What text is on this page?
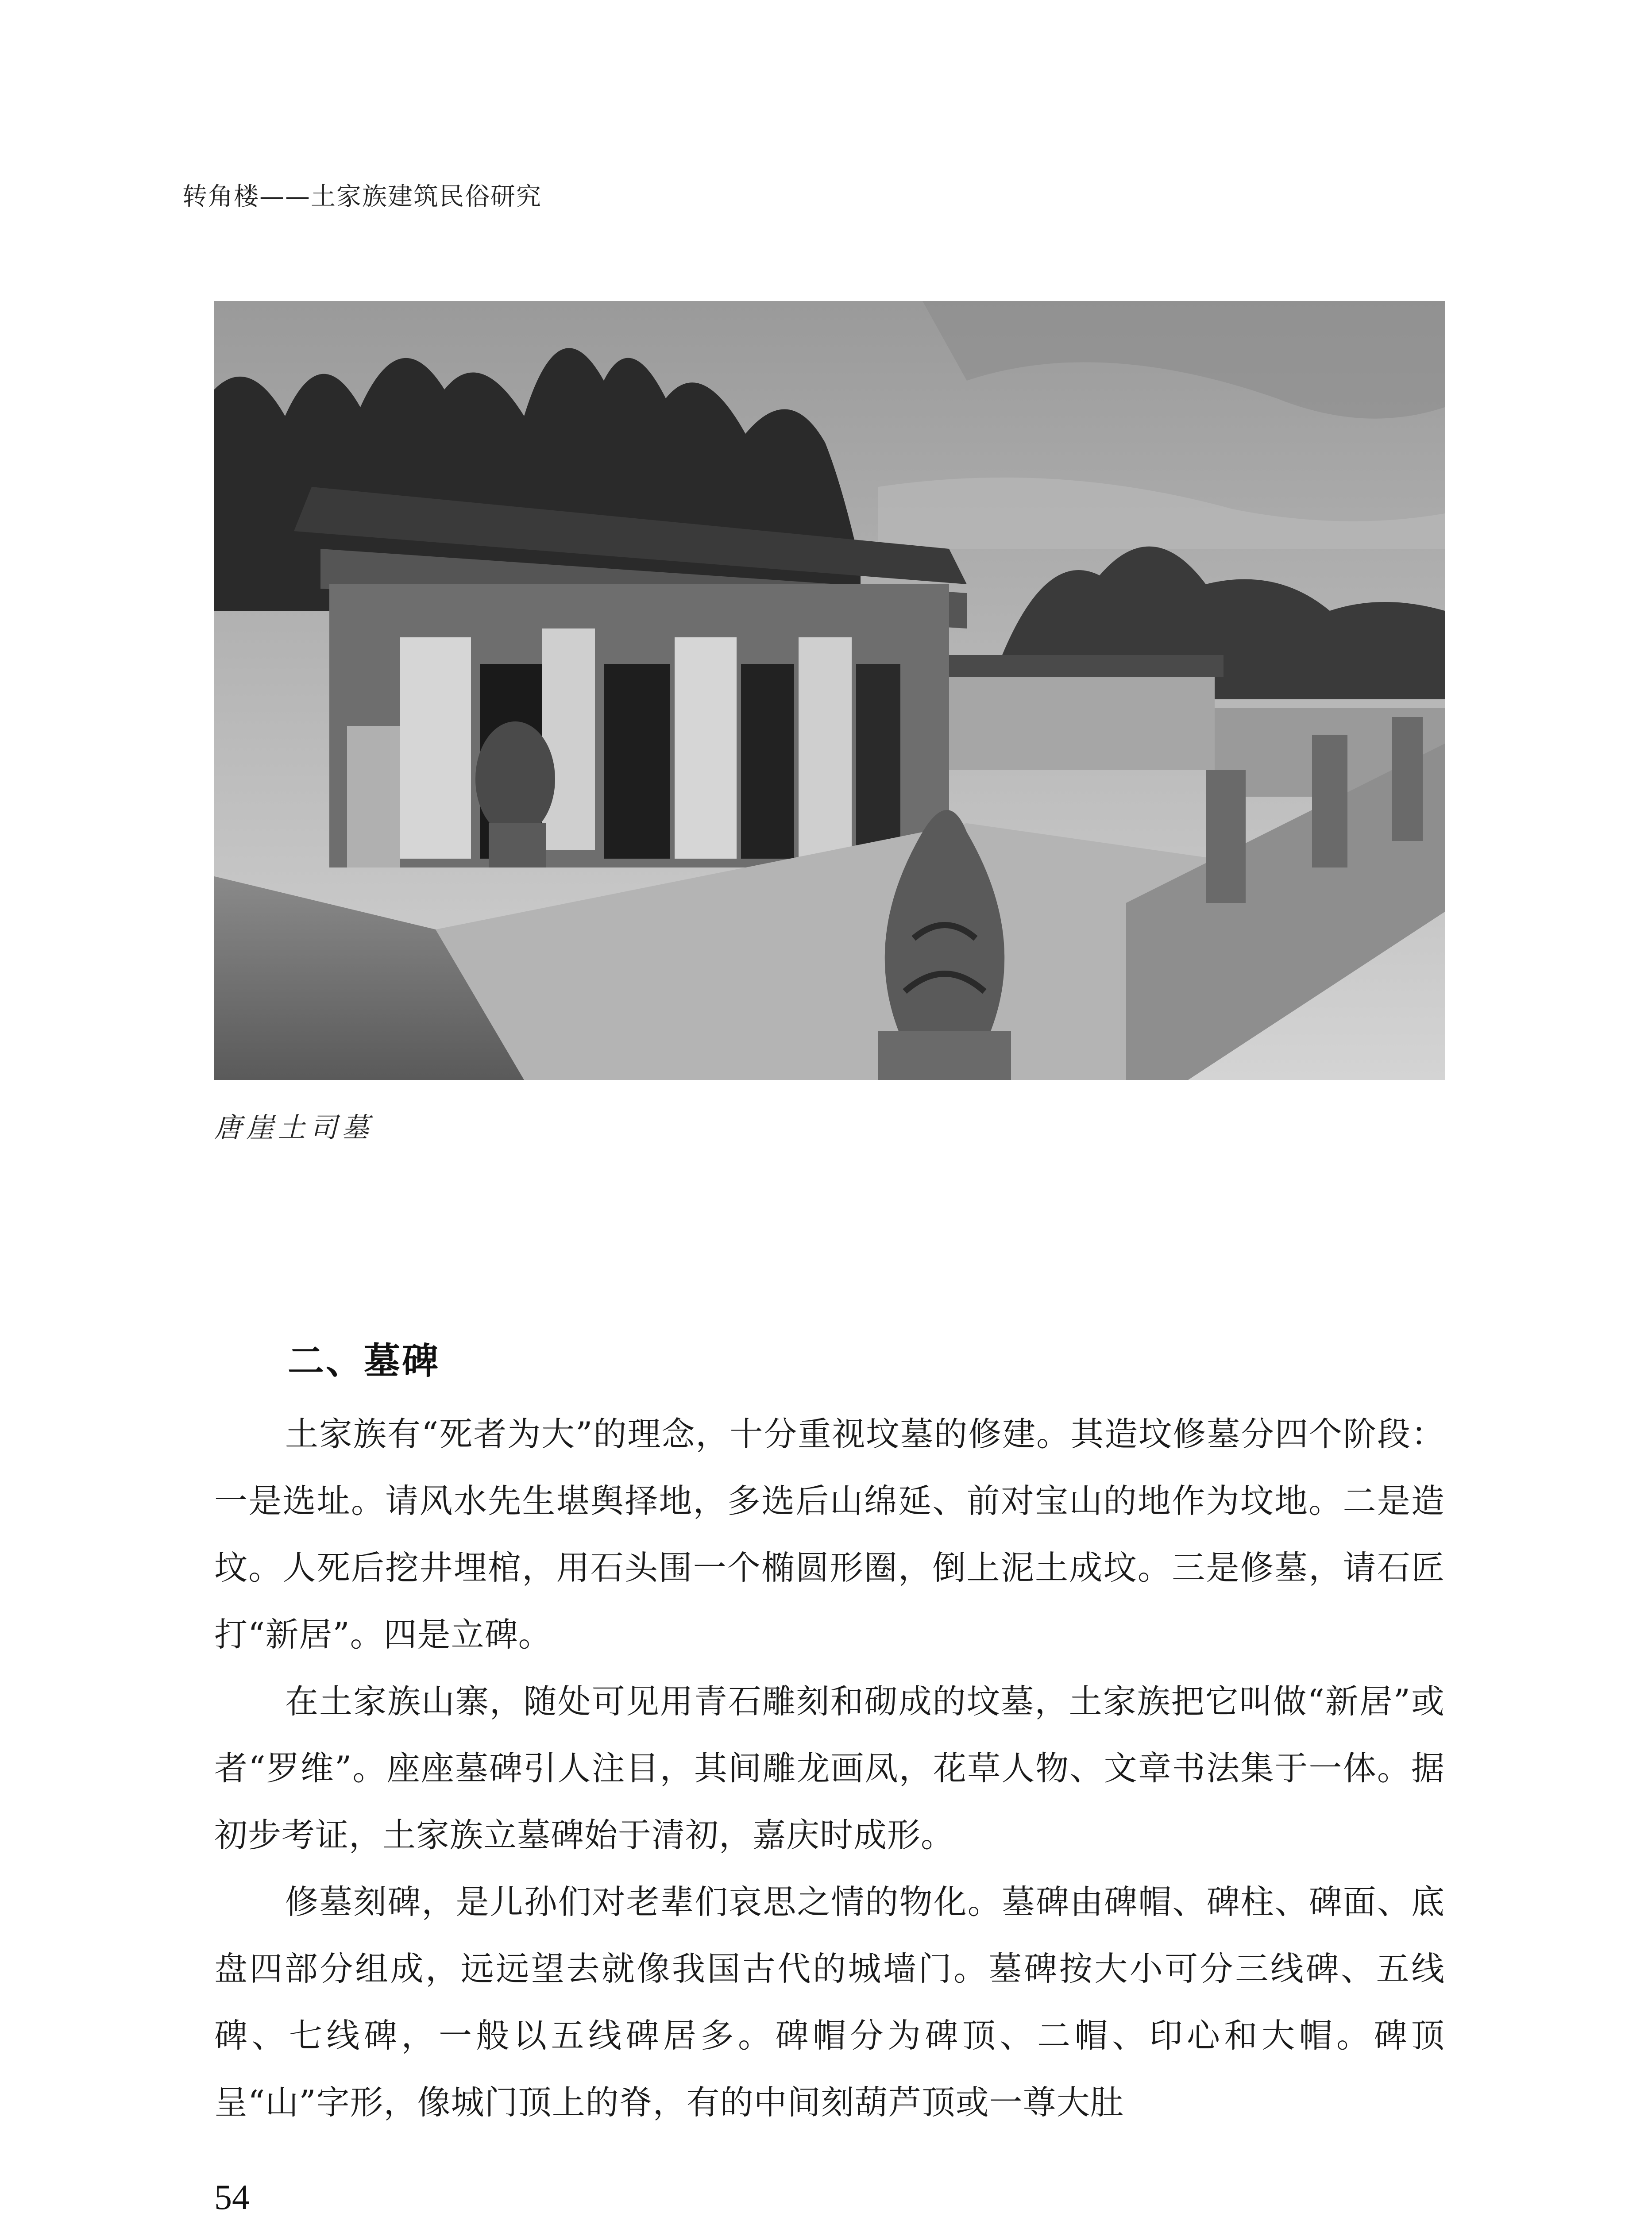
转角楼——土家族建筑民俗研究
唐崖土司墓
二、墓碑

土家族有“死者为大”的理念，十分重视坟墓的修建。其造坟修墓分四个阶段：一是选址。请风水先生堪舆择地，多选后山绵延、前对宝山的地作为坟地。二是造坟。人死后挖井埋棺，用石头围一个椭圆形圈，倒上泥土成坟。三是修墓，请石匠打“新居”。四是立碑。

在土家族山寨，随处可见用青石雕刻和砌成的坟墓，土家族把它叫做“新居”或者“罗维”。座座墓碑引人注目，其间雕龙画凤，花草人物、文章书法集于一体。据初步考证，土家族立墓碑始于清初，嘉庆时成形。

修墓刻碑，是儿孙们对老辈们哀思之情的物化。墓碑由碑帽、碑柱、碑面、底盘四部分组成，远远望去就像我国古代的城墙门。墓碑按大小可分三线碑、五线碑、七线碑，一般以五线碑居多。碑帽分为碑顶、二帽、印心和大帽。碑顶呈“山”字形，像城门顶上的脊，有的中间刻葫芦顶或一尊大肚

54
